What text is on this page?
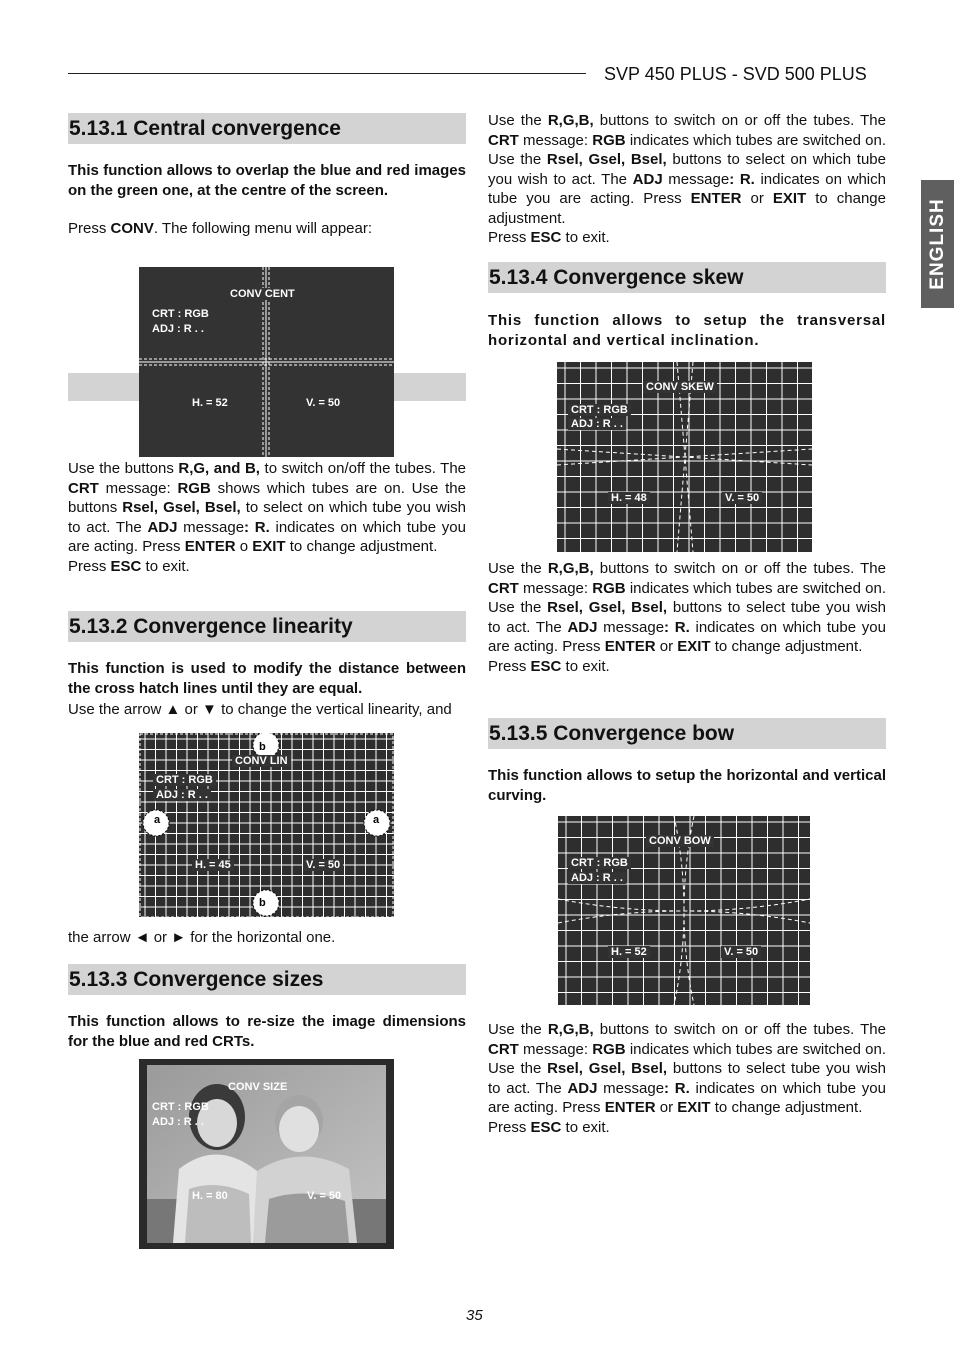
SVP 450 PLUS - SVD 500 PLUS
ENGLISH
5.13.1 Central convergence
This function allows to overlap the blue and red images on the green one, at the centre of the screen.
Press CONV. The following menu will appear:
CONV CENT
CRT : RGB
ADJ : R . .
H. = 52	V. = 50

Use the buttons R,G, and B, to switch on/off the tubes. The CRT message: RGB shows which tubes are on. Use the buttons Rsel, Gsel, Bsel, to select on which tube you wish to act. The ADJ message: R. indicates on which tube you are acting. Press ENTER o EXIT to change adjustment.

Press ESC to exit.

5.13.2 Convergence linearity
This function is used to modify the distance between the cross hatch lines until they are equal.
Use the arrow ▲ or ▼ to change the vertical linearity, and
CONV LIN
CRT : RGB
ADJ : R . .
H. = 45	V. = 50
a	a
b
b
the arrow ◄ or ► for the horizontal one.
5.13.3 Convergence sizes
This function allows to re-size the image dimensions for the blue and red CRTs.
CONV SIZE
CRT : RGB
ADJ : R . .
H. = 80	V. = 50

Use the R,G,B, buttons to switch on or off the tubes. The CRT message: RGB indicates which tubes are switched on. Use the Rsel, Gsel, Bsel, buttons to select on which tube you wish to act. The ADJ message: R. indicates on which tube you are acting. Press ENTER or EXIT to change adjustment.

Press ESC to exit.

5.13.4 Convergence skew
This function allows to setup the transversal horizontal and vertical inclination.
CONV SKEW
CRT : RGB
ADJ : R . .
H. = 48	V. = 50

Use the R,G,B, buttons to switch on or off the tubes. The CRT message: RGB indicates which tubes are switched on. Use the Rsel, Gsel, Bsel, buttons to select tube you wish to act. The ADJ message: R. indicates on which tube you are acting. Press ENTER or EXIT to change adjustment.

Press ESC to exit.

5.13.5 Convergence bow
This function allows to setup the horizontal and vertical curving.
CONV BOW
CRT : RGB
ADJ : R . .
H. = 52	V. = 50

Use the R,G,B, buttons to switch on or off the tubes. The CRT message: RGB indicates which tubes are switched on. Use the Rsel, Gsel, Bsel, buttons to select tube you wish to act. The ADJ message: R. indicates on which tube you are acting. Press ENTER or EXIT to change adjustment.

Press ESC to exit.

35
